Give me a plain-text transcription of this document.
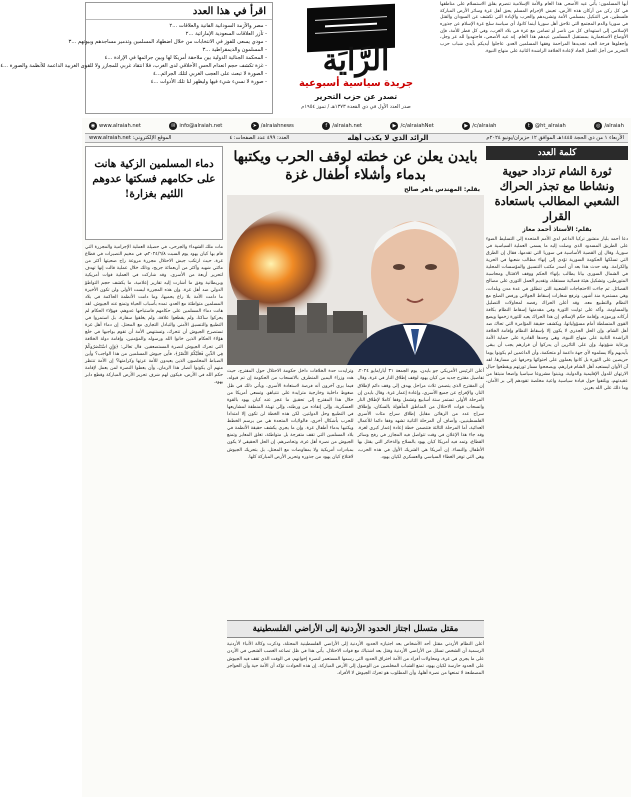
أيها المسلمون: يأتي عيد الأضحى هذا العام والأمة الإسلامية تنضرم بقلق الاستسلام على مناطقها في كل ركن من أركان هذه الأرض، تعيش الإجرام المسلم يحق أهل غزة وسائر الأرض المباركة فلسطين، في التنكيل بمسلمي الأمة وتشريدهم والحرب والإبادة التي تكشف عن السودان والقتل في سوريا والدم المجتمع التي تلاحق أهل سوريا أينما كانوا، أي سياسة سلخ غزة الإسلام عن جذوره الإسلامي إلى استهداف كل من ناصر أو تضامن مع غزة في بلاد الغرب، وفي كل قطر للأمة، فإن الأوضاع الاستعمارية بمستقبل المسلمين عيدهم هذا العام. إنه عيد الأضحى، فاجتهدوا لله عز وجل، واجعلوها فرحة العيد تجديدها المزاحمة وفقها المسلمين العدو. عاجلوا أيديكم بأيدي شباب حزب التحرير من أجل العمل الجاد لإعادة الخلافة الراشدة الثانية على منهاج النبوة.
الرَّايَة
جريدة سياسية أسبوعية
تصدر عن حزب التحرير
صدر العدد الأول في ذي القعدة ١٣٧٣هـ / تموز ١٩٥٤م
اقرأ في هذا العدد
- مصر والأزمة السودانية الفانية والعلاقات ...٢
- تآزر العلاقات السعودية الإماراتية ...٢
- مودي يسعى للفوز في الانتخابات من خلال اضطهاد المسلمين وتدمير مساجدهم وبيوتهم ...٣
- المسلمون والديمقراطية ...٣
- المحكمة الجنائية الدولية بين ملاحقة أمريكا لها وبين جرائمها في الإرادة ...٤
- غزة تكشف حجم انعدام الحس الأخلاقي لدى الغرب، فلا انتقاد غربي للمجازر ولا للقوى الغربية الداعمة للأنظمة والصورة ...٤
- الصورة لا تبعث على العجب الغربي لتلك الجرائم...٤
- صورة لا نسيء شيء فيها وليظهر لنا تلك الأدوات ...٤
◉ www.alraiah.net	✉ info@alraiah.net	➤ /alraiahnews	f /alraiah.net	▶ /c/alraiahNet	▶ /c/alraiah	t @ht_alraiah	◎ /alraiah
الأربعاء ١ من ذي الحجة ١٤٤٥هـ الموافق ١٢ حزيران/يونيو ٢٠٢٤م
الرائد الذي لا يكذب أهله
العدد: ٤٩٩ عدد الصفحات: ٤
الموقع الإلكتروني: www.alraiah.net
كلمة العدد
ثورة الشام تزداد حيوية ونشاطا مع تجذر الحراك الشعبي المطالب باستعادة القرار
بقلم: الأستاذ أحمد معاز
دعا أحمد بلبار منشور تركيا الداعم لدى الأمم المتحدة إلى التسليط الضوء على الطريق المسدود الذي وصلت إليه ما يسمى العملية السياسية في سوريا، وقال إن القضية الأساسية في سوريا التي تقدمها، فقال إن الطرق التي تسلكها الحكومة السورية تؤدي إلى إنهاء مطالب شعبها في الحرية والكرامة. وقد حدث هذا بعد أن أصدر مكتب التنسيق والمؤسسات المحلية في الشمال السوري بيانا يطالب بإنهاء الحكم ووقف الاقتتال ومحاسبة المتورطين، وتشكيل هيئة قضائية مستقلة، وتقديم العمل الثوري على مصالح الفصائل. ثم جاءت الاحتجاجات الشعبية التي تنطلق في عدة مدن وبلدات، وهي مستمرة منذ أشهر، وترفع شعارات إسقاط الجولاني ورفض الصلح مع النظام والتطبيع معه. وقد أعلن الحراك رفضه لمحاولات التضليل والمساومة، وأكد على ثوابت الثورة وفي مقدمتها إسقاط النظام بكافة أركانه ورموزه، وإقامة حكم الإسلام. إن هذا الحراك يعيد للثورة زخمها ويضع القوى المتسلطة أمام مسؤولياتها، ويكشف حقيقة المؤامرة التي تحاك ضد أهل الشام. وإن الحل الجذري لا يكون إلا بإسقاط النظام وإقامة الخلافة الراشدة الثانية على منهاج النبوة، وهي وحدها القادرة على حماية الأمة ورعاية شؤونها، وإن على الثائرين أن يدركوا أن قرارهم يجب أن يبقى بأيديهم وألا يسلموه لأي جهة داعمة أو متحكمة، وأن الداعمين لم يكونوا يوما حريصين على الثورة بل كانوا يعملون على احتوائها وحرفها عن مسارها. لقد آن الأوان ليستعيد أهل الشام قرارهم، ويصححوا مسار ثورتهم ويقطعوا حبال الارتهان للدول الإقليمية والدولية، ويتبنوا مشروعا سياسيا واضحا منبثقا من عقيدتهم، ويلتفوا حول قيادة سياسية واعية مخلصة تقودهم إلى بر الأمان، وما ذلك على الله بعزيز.
بايدن يعلن عن خطته لوقف الحرب ويكتبها بدماء وأشلاء أطفال غزة
بقلم: المهندس باهر صالح
أعلن الرئيس الأمريكي جو بايدن، يوم الجمعة ٣١ أيار/مايو ٢٠٢٤، تفاصيل مقترح جديد من كيان يهود لوقف إطلاق النار في غزة، وقال إن المقترح الذي يتضمن ثلاث مراحل يهدف إلى وقف دائم لإطلاق النار، والإفراج عن جميع الأسرى، وإعادة إعمار غزة. وقال بايدن إن المرحلة الأولى تستمر ستة أسابيع وتشمل وقفا كاملا لإطلاق النار وانسحاب قوات الاحتلال من المناطق المأهولة بالسكان، وإطلاق سراح عدد من الرهائن مقابل إطلاق سراح مئات الأسرى الفلسطينيين، وأضاف أن المرحلة الثانية تشهد وقفا دائما للأعمال العدائية، أما المرحلة الثالثة فتتضمن خطة إعادة إعمار كبرى لغزة. وقد جاء هذا الإعلان في وقت تتواصل فيه المجازر في رفح وسائر القطاع، وتمد فيه أمريكا كيان يهود بالسلاح والذخائر التي يقتل بها الأطفال والنساء. إن أمريكا هي الشريك الأول في هذه الحرب، وهي التي توفر الغطاء السياسي والعسكري لكيان يهود.
وتزايدت حدة الخلافات داخل حكومة الاحتلال حول المقترح، حيث هدد وزراء اليمين المتطرف بالانسحاب من الحكومة إن تم قبوله، فيما يرى آخرون أنه فرصة لاستعادة الأسرى. ويأتي ذلك في ظل ضغوط داخلية وخارجية متزايدة على نتنياهو. وتسعى أمريكا من خلال هذا المقترح إلى تحقيق ما عجز عنه كيان يهود بالقوة العسكرية، وإلى إنقاذه من ورطته، وإلى تهيئة المنطقة لمشاريعها في التطبيع وحل الدولتين. لكن هذه الخطة لن تكون إلا امتدادا للحرب بأشكال أخرى، فالولايات المتحدة هي من يرسم الخطط ويكتبها بدماء أطفال غزة. وإن ما يجري يكشف حقيقة الأنظمة في بلاد المسلمين التي تقف متفرجة بل متواطئة، تغلق المعابر وتمنع الجيوش من نصرة أهل غزة، وتحاصرهم. إن الحل الحقيقي لا يكون بمبادرات أمريكية ولا بمفاوضات مع المحتل، بل بتحريك الجيوش لاقتلاع كيان يهود من جذوره وتحرير الأرض المباركة كلها.
مقتل متسلل اجتاز الحدود الأردنية إلى الأراضي الفلسطينية
أعلن النظام الأردني مقتل أحد الأشخاص بعد اجتيازه الحدود الأردنية إلى الأراضي الفلسطينية المحتلة، وذكرت وكالة الأنباء الأردنية الرسمية أن الشخص تسلل من الأراضي الأردنية وقتل بعد اشتباك مع قوات الاحتلال. يأتي هذا في ظل تصاعد الغضب الشعبي في الأردن على ما يجري في غزة، ومحاولات أفراد من الأمة اختراق الحدود التي رسمها المستعمر لنصرة إخوانهم، في الوقت الذي تقف فيه الجيوش على الحدود حارسة لكيان يهود، تمنع الشباب المخلصين من الوصول إلى الأرض المباركة. إن هذه الحوادث تؤكد أن الأمة حية وأن الحواجز المصطنعة لا تمنعها من نصرة أهلها، وأن المطلوب هو تحرك الجيوش لا الأفراد.
دماء المسلمين الزكية هانت على حكامهم فسكتها عدوهم اللئيم بغزارة!
مات ملك الشهداء والجرحى، في حصيلة العملية الإجرامية والمجزرة التي قام بها كيان يهود يوم السبت ٢٠٢٤/٦/٨م، في مخيم النصيرات في قطاع غزة، حيث ارتكب جيش الاحتلال مجزرة مروعة راح ضحيتها أكثر من مائتي شهيد وأكثر من أربعمائة جريح، وذلك خلال عملية قالت إنها تهدف لتحرير أربعة من الأسرى. وقد شاركت في العملية قوات أمريكية وبريطانية وفق ما أشارت إليه تقارير إعلامية، ما يكشف حجم التواطؤ الدولي ضد أهل غزة. وإن هذه المجزرة ليست الأولى ولن تكون الأخيرة ما دامت الأمة بلا راع يحميها، وما دامت الأنظمة الحاكمة في بلاد المسلمين متواطئة مع العدو، تمده بأسباب الحياة وتمنع عنه الجيوش. لقد هانت دماء المسلمين على حكامهم فاستباحها عدوهم، فهؤلاء الحكام لم يحركوا ساكنا، ولم يقطعوا علاقة، ولم يغلقوا سفارة، بل استمروا في التطبيع والتنسيق الأمني والتبادل التجاري مع المحتل. إن دماء أهل غزة تستصرخ الجيوش أن تتحرك، وتستنهض الأمة أن تقوم بواجبها في خلع هؤلاء الحكام الذين خانوا الله ورسوله والمؤمنين، وإقامة دولة الخلافة التي تحرك الجيوش لنصرة المستضعفين. قال تعالى: ﴿وَإِنِ اسْتَنْصَرُوكُمْ فِي الدِّينِ فَعَلَيْكُمُ النَّصْرُ﴾، فأين جيوش المسلمين من هذا الواجب؟ وأين الضباط المخلصون الذين يعيدون للأمة عزتها وكرامتها؟ إن الأمة تنتظر منهم أن يكونوا أنصار هذا الزمان، وأن يعطوا النصرة لمن يعمل لإقامة حكم الله في الأرض، فيكون لهم شرف تحرير الأرض المباركة وقطع دابر يهود.
